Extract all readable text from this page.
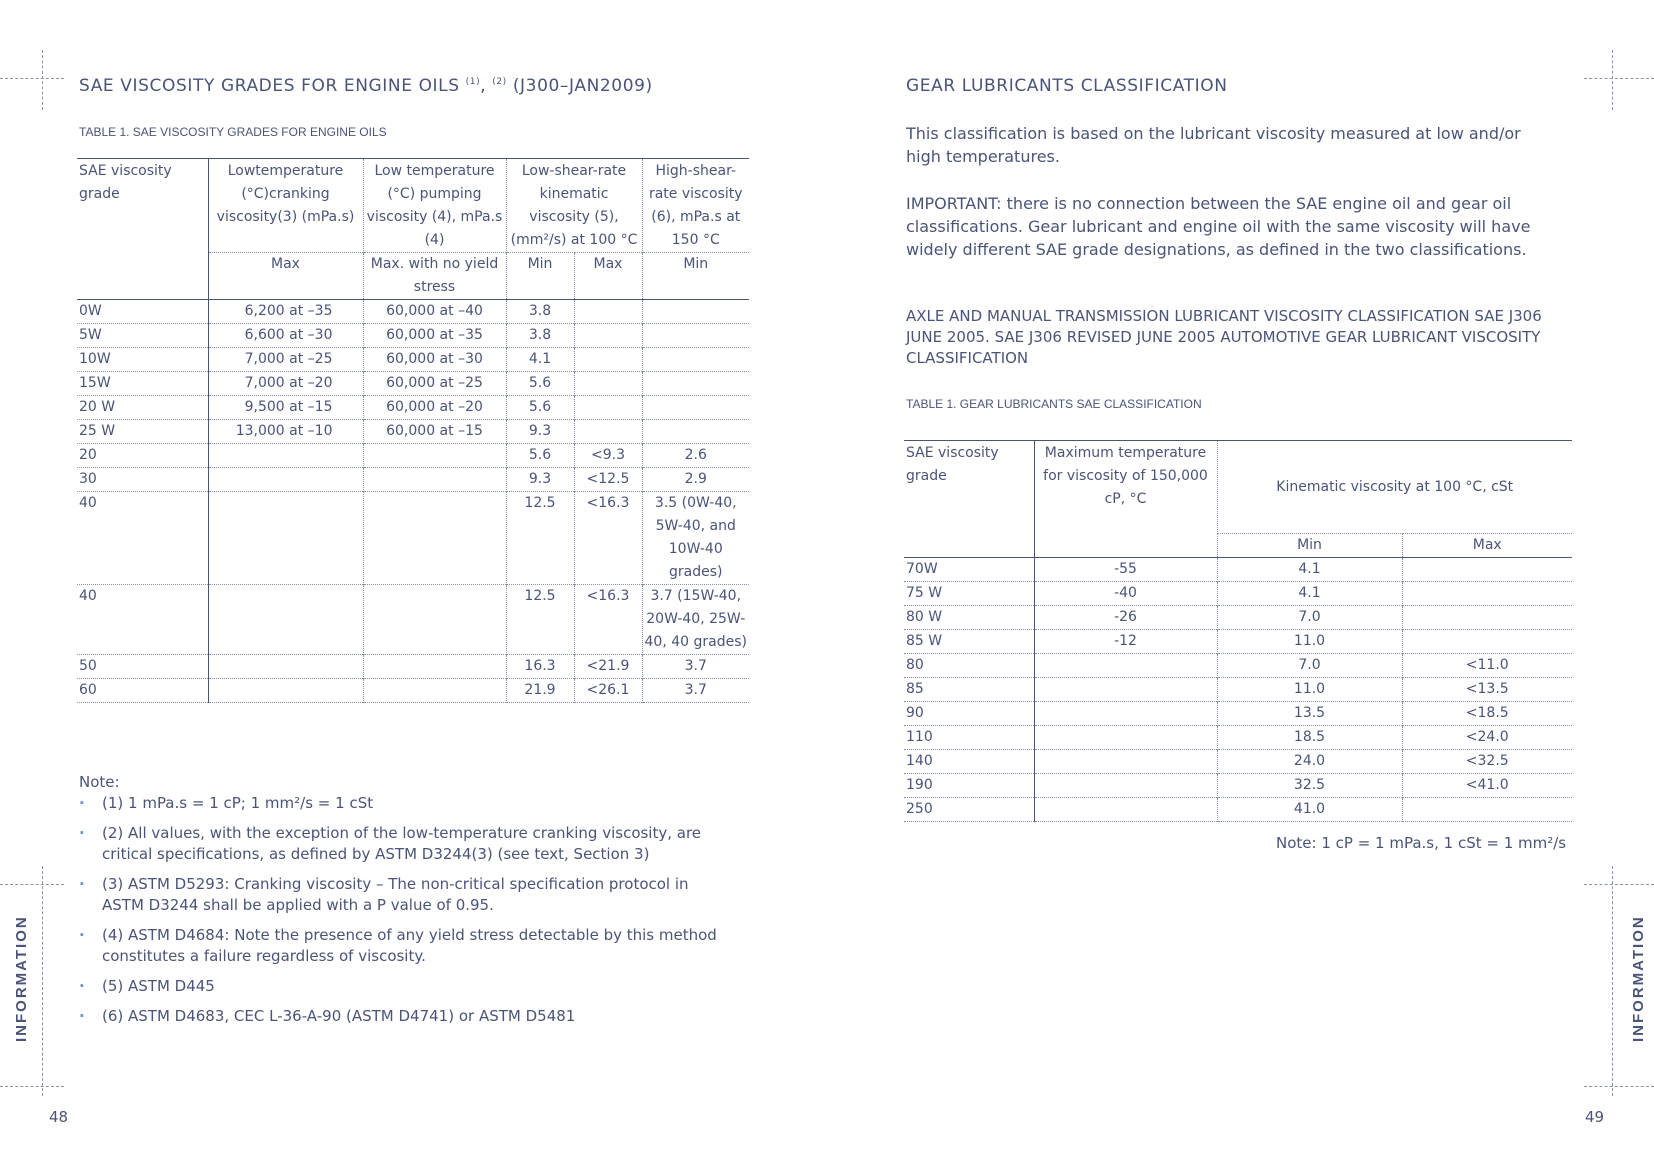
INFORMATION	INFORMATION
48	49
SAE VISCOSITY GRADES FOR ENGINE OILS $^{(1)}$, $^{(2)}$ (J300–JAN2009)
TABLE 1. SAE VISCOSITY GRADES FOR ENGINE OILS
SAE viscosity grade	Lowtemperature (°C)cranking viscosity(3) (mPa.s)	Low temperature (°C) pumping viscosity (4), mPa.s (4)	Low-shear-rate kinematic viscosity (5), (mm²/s) at 100 °C		High-shear-rate viscosity (6), mPa.s at 150 °C
	Max	Max. with no yield stress	Min	Max	Min
0W	6,200 at –35	60,000 at –40	3.8		
5W	6,600 at –30	60,000 at –35	3.8		
10W	7,000 at –25	60,000 at –30	4.1		
15W	7,000 at –20	60,000 at –25	5.6		
20 W	9,500 at –15	60,000 at –20	5.6		
25 W	13,000 at –10	60,000 at –15	9.3		
20			5.6	<9.3	2.6
30			9.3	<12.5	2.9
40			12.5	<16.3	3.5 (0W-40, 5W-40, and 10W-40 grades)
40			12.5	<16.3	3.7 (15W-40, 20W-40, 25W-40, 40 grades)
50			16.3	<21.9	3.7
60			21.9	<26.1	3.7
Note:
· (1) 1 mPa.s = 1 cP; 1 mm²/s = 1 cSt
· (2) All values, with the exception of the low-temperature cranking viscosity, are critical specifications, as defined by ASTM D3244(3) (see text, Section 3)
· (3) ASTM D5293: Cranking viscosity – The non-critical specification protocol in ASTM D3244 shall be applied with a P value of 0.95.
· (4) ASTM D4684: Note the presence of any yield stress detectable by this method constitutes a failure regardless of viscosity.
· (5) ASTM D445
· (6) ASTM D4683, CEC L-36-A-90 (ASTM D4741) or ASTM D5481
GEAR LUBRICANTS CLASSIFICATION

This classification is based on the lubricant viscosity measured at low and/or high temperatures.

IMPORTANT: there is no connection between the SAE engine oil and gear oil classifications. Gear lubricant and engine oil with the same viscosity will have widely different SAE grade designations, as defined in the two classifications.

AXLE AND MANUAL TRANSMISSION LUBRICANT VISCOSITY CLASSIFICATION SAE J306 JUNE 2005. SAE J306 REVISED JUNE 2005 AUTOMOTIVE GEAR LUBRICANT VISCOSITY CLASSIFICATION

TABLE 1. GEAR LUBRICANTS SAE CLASSIFICATION
SAE viscosity grade	Maximum temperature for viscosity of 150,000 cP, °C	Kinematic viscosity at 100 °C, cSt	
		Min	Max
70W	-55	4.1	
75 W	-40	4.1	
80 W	-26	7.0	
85 W	-12	11.0	
80		7.0	<11.0
85		11.0	<13.5
90		13.5	<18.5
110		18.5	<24.0
140		24.0	<32.5
190		32.5	<41.0
250		41.0	
Note: 1 cP = 1 mPa.s, 1 cSt = 1 mm²/s
